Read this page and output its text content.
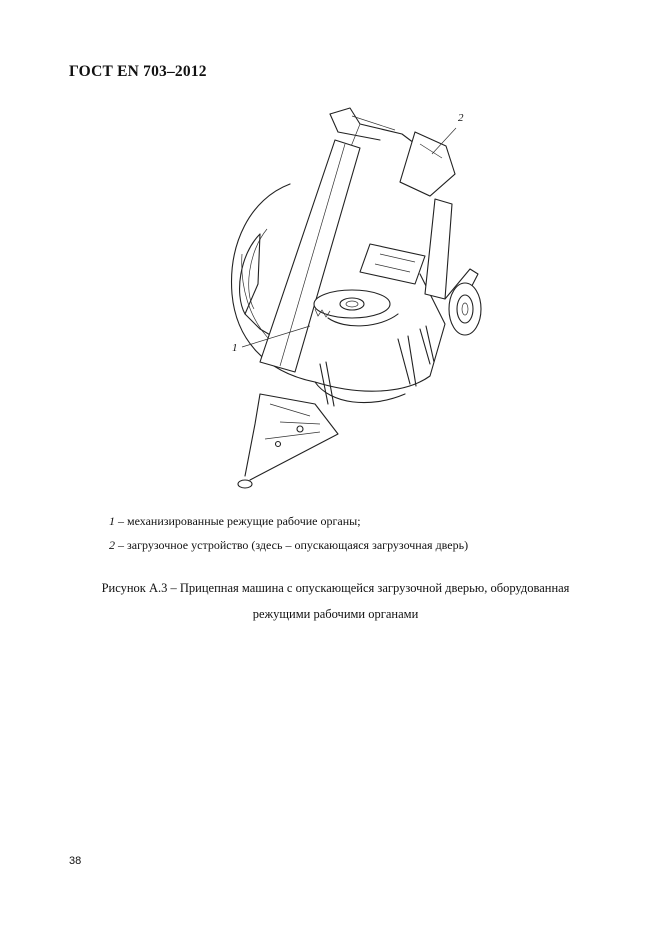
ГОСТ EN 703–2012
1
2
1 – механизированные режущие рабочие органы;
2 – загрузочное устройство (здесь – опускающаяся загрузочная дверь)
Рисунок А.3 – Прицепная машина с опускающейся загрузочной дверью, оборудованная
режущими рабочими органами
38
